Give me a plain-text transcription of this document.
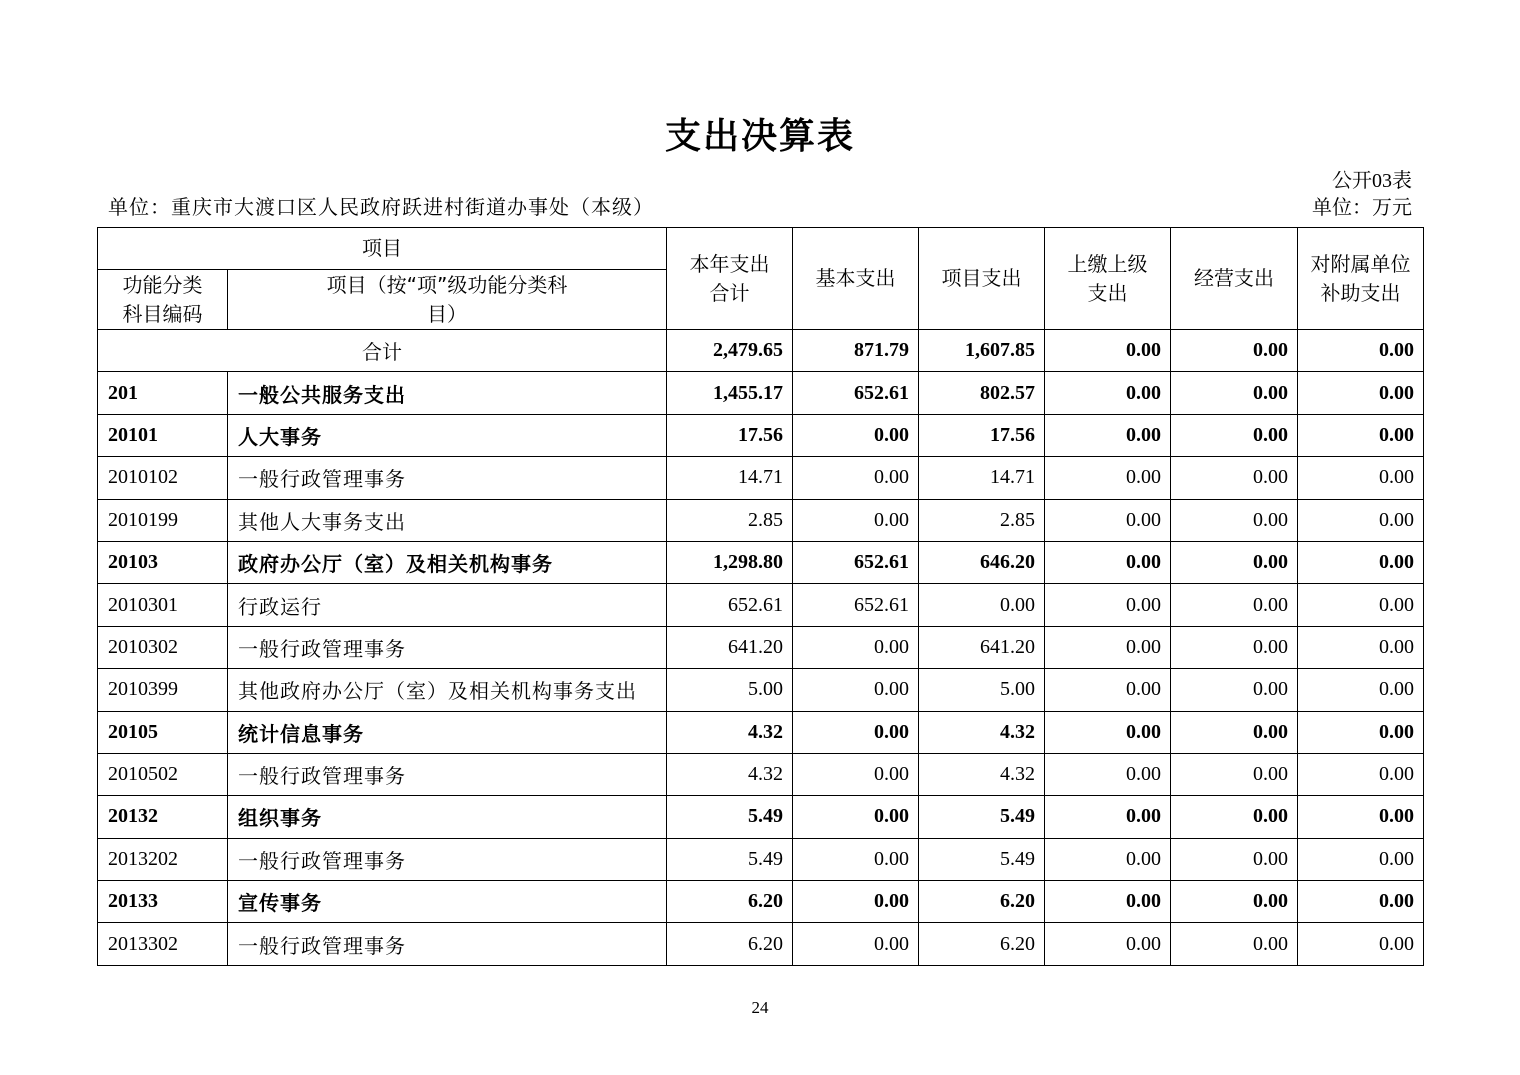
支出决算表
公开03表
单位：重庆市大渡口区人民政府跃进村街道办事处（本级）	单位：万元
项目		本年支出合计	基本支出	项目支出	上缴上级支出	经营支出	对附属单位补助支出

功能分类科目编码	项目（按“项”级功能分类科目）						

合计		2,479.65	871.79	1,607.85	0.00	0.00	0.00
201	一般公共服务支出	1,455.17	652.61	802.57	0.00	0.00	0.00
20101	人大事务	17.56	0.00	17.56	0.00	0.00	0.00
2010102	一般行政管理事务	14.71	0.00	14.71	0.00	0.00	0.00
2010199	其他人大事务支出	2.85	0.00	2.85	0.00	0.00	0.00
20103	政府办公厅（室）及相关机构事务	1,298.80	652.61	646.20	0.00	0.00	0.00
2010301	行政运行	652.61	652.61	0.00	0.00	0.00	0.00
2010302	一般行政管理事务	641.20	0.00	641.20	0.00	0.00	0.00
2010399	其他政府办公厅（室）及相关机构事务支出	5.00	0.00	5.00	0.00	0.00	0.00
20105	统计信息事务	4.32	0.00	4.32	0.00	0.00	0.00
2010502	一般行政管理事务	4.32	0.00	4.32	0.00	0.00	0.00
20132	组织事务	5.49	0.00	5.49	0.00	0.00	0.00
2013202	一般行政管理事务	5.49	0.00	5.49	0.00	0.00	0.00
20133	宣传事务	6.20	0.00	6.20	0.00	0.00	0.00
2013302	一般行政管理事务	6.20	0.00	6.20	0.00	0.00	0.00
24
